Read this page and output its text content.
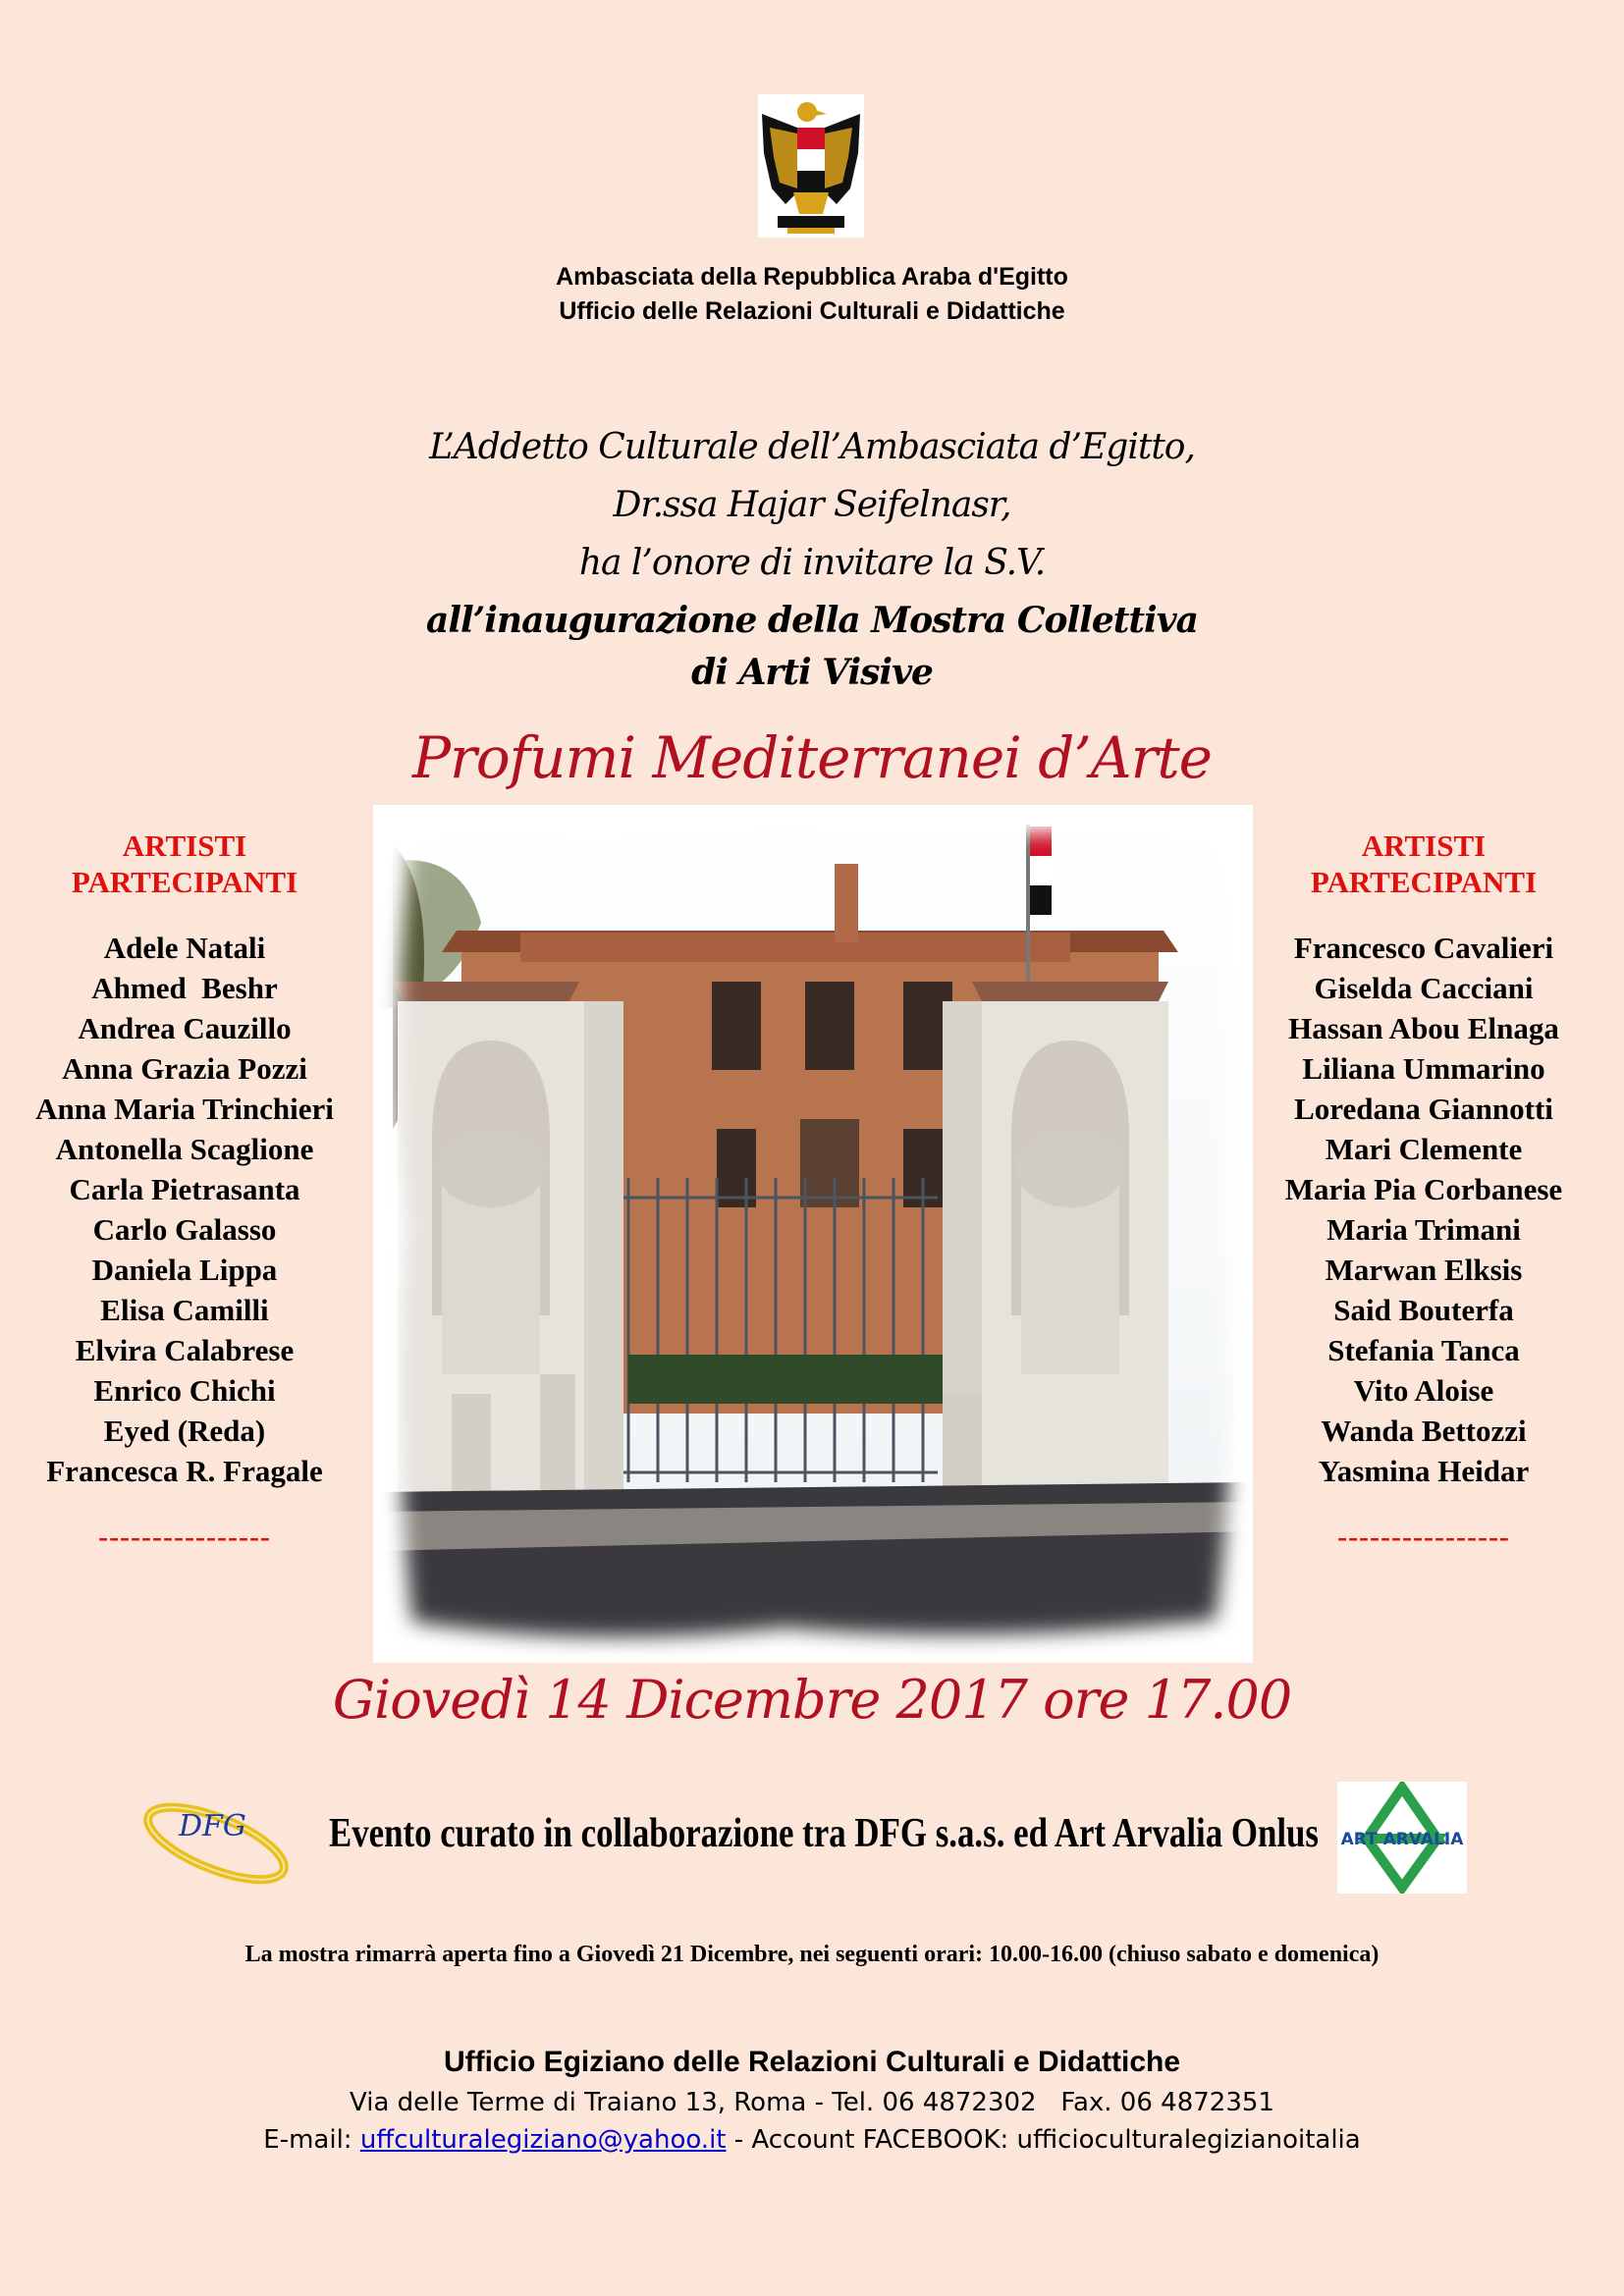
Ambasciata della Repubblica Araba d'Egitto
Ufficio delle Relazioni Culturali e Didattiche
L’Addetto Culturale dell’Ambasciata d’Egitto,
Dr.ssa Hajar Seifelnasr,
ha l’onore di invitare la S.V.
all’inaugurazione della Mostra Collettiva
di Arti Visive
Profumi Mediterranei d’Arte
ARTISTI
PARTECIPANTI
Adele Natali
Ahmed  Beshr
Andrea Cauzillo
Anna Grazia Pozzi
Anna Maria Trinchieri
Antonella Scaglione
Carla Pietrasanta
Carlo Galasso
Daniela Lippa
Elisa Camilli
Elvira Calabrese
Enrico Chichi
Eyed (Reda)
Francesca R. Fragale
----------------
ARTISTI
PARTECIPANTI
Francesco Cavalieri
Giselda Cacciani
Hassan Abou Elnaga
Liliana Ummarino
Loredana Giannotti
Mari Clemente
Maria Pia Corbanese
Maria Trimani
Marwan Elksis
Said Bouterfa
Stefania Tanca
Vito Aloise
Wanda Bettozzi
Yasmina Heidar
----------------
Giovedì 14 Dicembre 2017 ore 17.00
DFG Evento curato in collaborazione tra DFG s.a.s. ed Art Arvalia Onlus ART ARVALIA
La mostra rimarrà aperta fino a Giovedì 21 Dicembre, nei seguenti orari: 10.00-16.00 (chiuso sabato e domenica)
Ufficio Egiziano delle Relazioni Culturali e Didattiche
Via delle Terme di Traiano 13, Roma - Tel. 06 4872302   Fax. 06 4872351
E-mail: uffculturalegiziano@yahoo.it - Account FACEBOOK: ufficioculturalegizianoitalia
